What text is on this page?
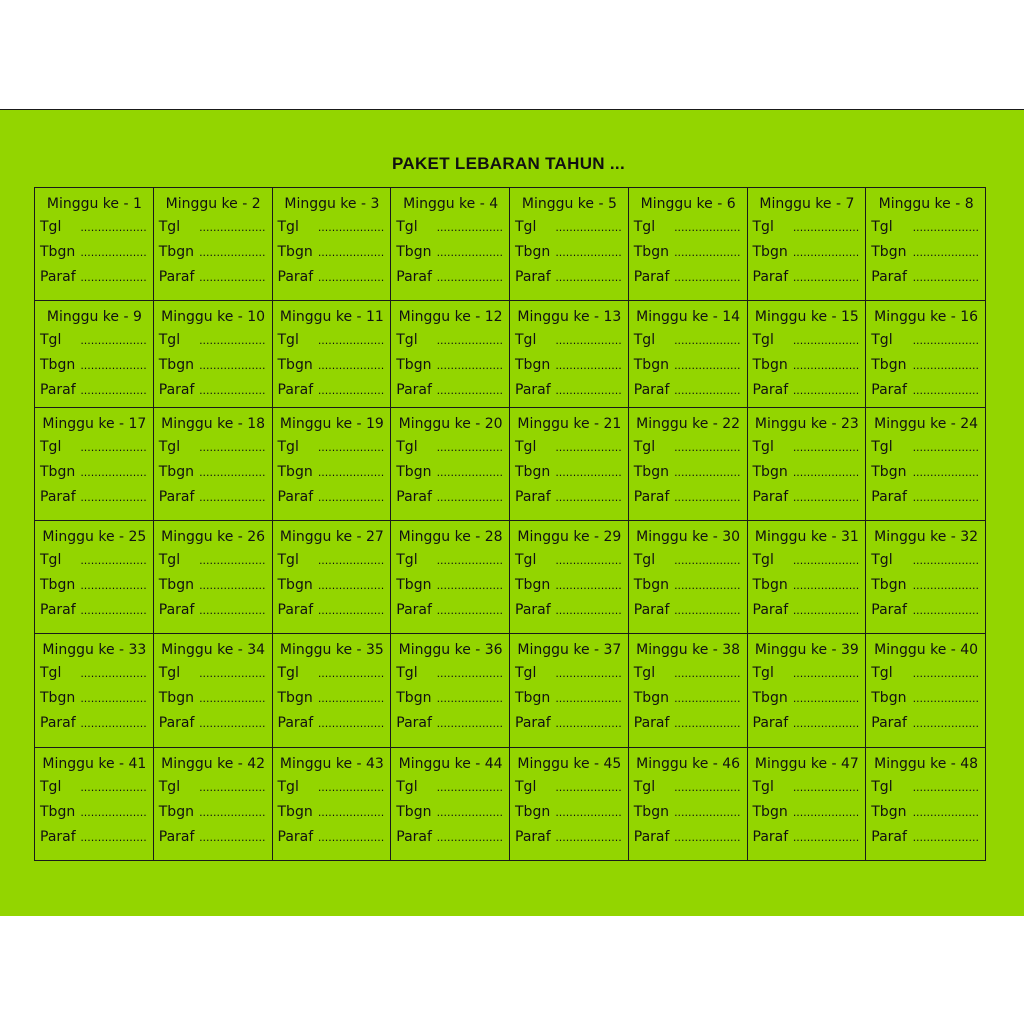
PAKET LEBARAN TAHUN ...
Minggu ke - 1
Tgl	...................
Tbgn ...................
Paraf ...................
Minggu ke - 2
Tgl	...................
Tbgn ...................
Paraf ...................
Minggu ke - 3
Tgl	...................
Tbgn ...................
Paraf ...................
Minggu ke - 4
Tgl	...................
Tbgn ...................
Paraf ...................
Minggu ke - 5
Tgl	...................
Tbgn ...................
Paraf ...................
Minggu ke - 6
Tgl	...................
Tbgn ...................
Paraf ...................
Minggu ke - 7
Tgl	...................
Tbgn ...................
Paraf ...................
Minggu ke - 8
Tgl	...................
Tbgn ...................
Paraf ...................
Minggu ke - 9
Tgl	...................
Tbgn ...................
Paraf ...................
Minggu ke - 10
Tgl	...................
Tbgn ...................
Paraf ...................
Minggu ke - 11
Tgl	...................
Tbgn ...................
Paraf ...................
Minggu ke - 12
Tgl	...................
Tbgn ...................
Paraf ...................
Minggu ke - 13
Tgl	...................
Tbgn ...................
Paraf ...................
Minggu ke - 14
Tgl	...................
Tbgn ...................
Paraf ...................
Minggu ke - 15
Tgl	...................
Tbgn ...................
Paraf ...................
Minggu ke - 16
Tgl	...................
Tbgn ...................
Paraf ...................
Minggu ke - 17
Tgl	...................
Tbgn ...................
Paraf ...................
Minggu ke - 18
Tgl	...................
Tbgn ...................
Paraf ...................
Minggu ke - 19
Tgl	...................
Tbgn ...................
Paraf ...................
Minggu ke - 20
Tgl	...................
Tbgn ...................
Paraf ...................
Minggu ke - 21
Tgl	...................
Tbgn ...................
Paraf ...................
Minggu ke - 22
Tgl	...................
Tbgn ...................
Paraf ...................
Minggu ke - 23
Tgl	...................
Tbgn ...................
Paraf ...................
Minggu ke - 24
Tgl	...................
Tbgn ...................
Paraf ...................
Minggu ke - 25
Tgl	...................
Tbgn ...................
Paraf ...................
Minggu ke - 26
Tgl	...................
Tbgn ...................
Paraf ...................
Minggu ke - 27
Tgl	...................
Tbgn ...................
Paraf ...................
Minggu ke - 28
Tgl	...................
Tbgn ...................
Paraf ...................
Minggu ke - 29
Tgl	...................
Tbgn ...................
Paraf ...................
Minggu ke - 30
Tgl	...................
Tbgn ...................
Paraf ...................
Minggu ke - 31
Tgl	...................
Tbgn ...................
Paraf ...................
Minggu ke - 32
Tgl	...................
Tbgn ...................
Paraf ...................
Minggu ke - 33
Tgl	...................
Tbgn ...................
Paraf ...................
Minggu ke - 34
Tgl	...................
Tbgn ...................
Paraf ...................
Minggu ke - 35
Tgl	...................
Tbgn ...................
Paraf ...................
Minggu ke - 36
Tgl	...................
Tbgn ...................
Paraf ...................
Minggu ke - 37
Tgl	...................
Tbgn ...................
Paraf ...................
Minggu ke - 38
Tgl	...................
Tbgn ...................
Paraf ...................
Minggu ke - 39
Tgl	...................
Tbgn ...................
Paraf ...................
Minggu ke - 40
Tgl	...................
Tbgn ...................
Paraf ...................
Minggu ke - 41
Tgl	...................
Tbgn ...................
Paraf ...................
Minggu ke - 42
Tgl	...................
Tbgn ...................
Paraf ...................
Minggu ke - 43
Tgl	...................
Tbgn ...................
Paraf ...................
Minggu ke - 44
Tgl	...................
Tbgn ...................
Paraf ...................
Minggu ke - 45
Tgl	...................
Tbgn ...................
Paraf ...................
Minggu ke - 46
Tgl	...................
Tbgn ...................
Paraf ...................
Minggu ke - 47
Tgl	...................
Tbgn ...................
Paraf ...................
Minggu ke - 48
Tgl	...................
Tbgn ...................
Paraf ...................
